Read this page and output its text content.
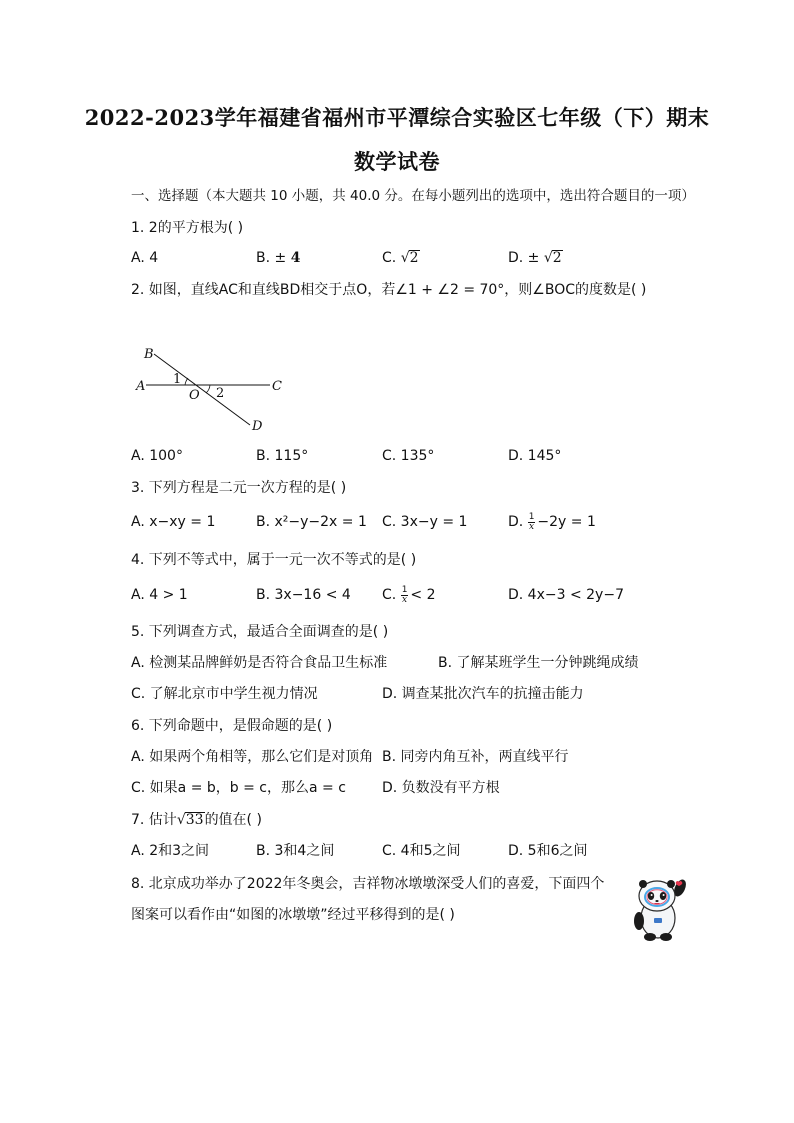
2022-2023学年福建省福州市平潭综合实验区七年级（下）期末
数学试卷
一、选择题（本大题共 10 小题，共 40.0 分。在每小题列出的选项中，选出符合题目的一项）
1. 2的平方根为( )
A. 4	B. ± 4	C. √2	D. ± √2
2. 如图，直线AC和直线BD相交于点O，若∠1 + ∠2 = 70°，则∠BOC的度数是( )
B
A	C
D
O
1
2
A. 100°	B. 115°	C. 135°	D. 145°
3. 下列方程是二元一次方程的是( )
A. x−xy = 1	B. x²−y−2x = 1 C. 3x−y = 1	D. $\frac{1}{x} -2y = 1$
4. 下列不等式中，属于一元一次不等式的是( )
A. 4 > 1	B. 3x−16 < 4 C. $\frac{1}{x} < 2$	D. 4x−3 < 2y−7
5. 下列调查方式，最适合全面调查的是( )
A. 检测某品牌鲜奶是否符合食品卫生标准	B. 了解某班学生一分钟跳绳成绩
C. 了解北京市中学生视力情况	D. 调查某批次汽车的抗撞击能力
6. 下列命题中，是假命题的是( )
A. 如果两个角相等，那么它们是对顶角 B. 同旁内角互补，两直线平行
C. 如果a = b，b = c，那么a = c	D. 负数没有平方根
7. 估计√33的值在( )
A. 2和3之间	B. 3和4之间	C. 4和5之间	D. 5和6之间
8. 北京成功举办了2022年冬奥会，吉祥物冰墩墩深受人们的喜爱，下面四个
图案可以看作由“如图的冰墩墩”经过平移得到的是( )
